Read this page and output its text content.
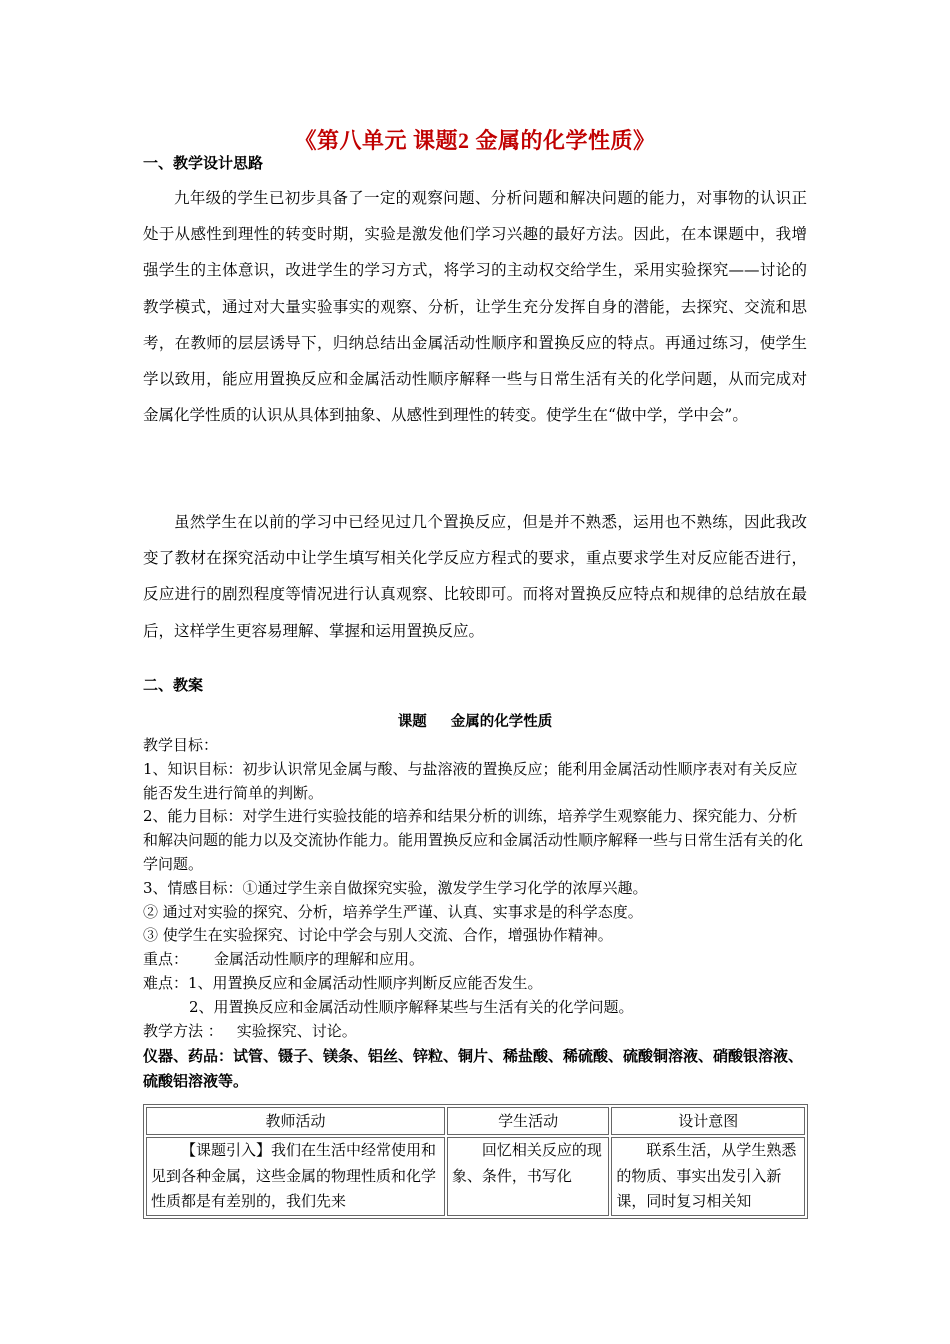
《第八单元 课题2 金属的化学性质》
一、教学设计思路

九年级的学生已初步具备了一定的观察问题、分析问题和解决问题的能力，对事物的认识正处于从感性到理性的转变时期，实验是激发他们学习兴趣的最好方法。因此，在本课题中，我增强学生的主体意识，改进学生的学习方式，将学习的主动权交给学生，采用实验探究——讨论的教学模式，通过对大量实验事实的观察、分析，让学生充分发挥自身的潜能，去探究、交流和思考，在教师的层层诱导下，归纳总结出金属活动性顺序和置换反应的特点。再通过练习，使学生学以致用，能应用置换反应和金属活动性顺序解释一些与日常生活有关的化学问题，从而完成对金属化学性质的认识从具体到抽象、从感性到理性的转变。使学生在“做中学，学中会”。

虽然学生在以前的学习中已经见过几个置换反应，但是并不熟悉，运用也不熟练，因此我改变了教材在探究活动中让学生填写相关化学反应方程式的要求，重点要求学生对反应能否进行，反应进行的剧烈程度等情况进行认真观察、比较即可。而将对置换反应特点和规律的总结放在最后，这样学生更容易理解、掌握和运用置换反应。

二、教案
课题 金属的化学性质
教学目标：
1、知识目标：初步认识常见金属与酸、与盐溶液的置换反应；能利用金属活动性顺序表对有关反应能否发生进行简单的判断。
2、能力目标：对学生进行实验技能的培养和结果分析的训练，培养学生观察能力、探究能力、分析和解决问题的能力以及交流协作能力。能用置换反应和金属活动性顺序解释一些与日常生活有关的化学问题。
3、情感目标：①通过学生亲自做探究实验，激发学生学习化学的浓厚兴趣。
② 通过对实验的探究、分析，培养学生严谨、认真、实事求是的科学态度。
③ 使学生在实验探究、讨论中学会与别人交流、合作，增强协作精神。
重点： 金属活动性顺序的理解和应用。
难点：1、用置换反应和金属活动性顺序判断反应能否发生。
2、用置换反应和金属活动性顺序解释某些与生活有关的化学问题。
教学方法 ： 实验探究、讨论。
仪器、药品：试管、镊子、镁条、铝丝、锌粒、铜片、稀盐酸、稀硫酸、硫酸铜溶液、硝酸银溶液、硫酸铝溶液等。
教师活动	学生活动	设计意图

【课题引入】我们在生活中经常使用和见到各种金属，这些金属的物理性质和化学性质都是有差别的，我们先来	回忆相关反应的现象、条件，书写化	联系生活，从学生熟悉的物质、事实出发引入新课，同时复习相关知
